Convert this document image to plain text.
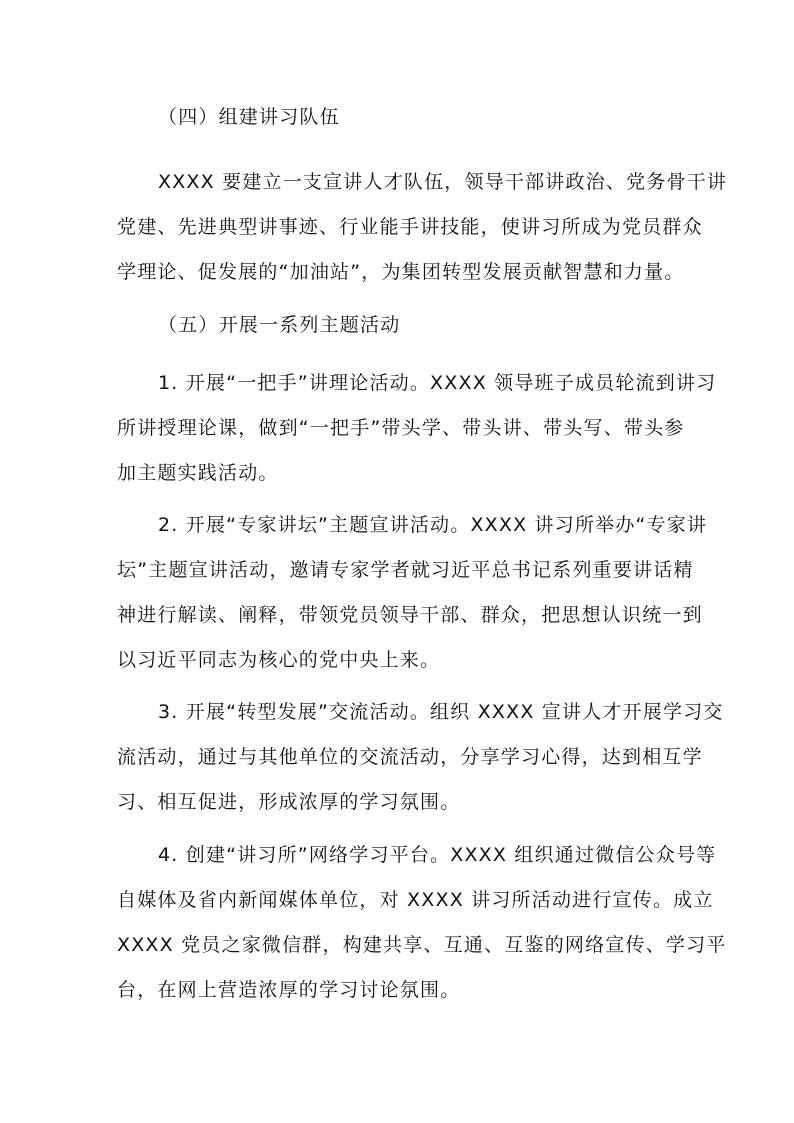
（四）组建讲习队伍
XXXX 要建立一支宣讲人才队伍，领导干部讲政治、党务骨干讲
党建、先进典型讲事迹、行业能手讲技能，使讲习所成为党员群众
学理论、促发展的“加油站”，为集团转型发展贡献智慧和力量。
（五）开展一系列主题活动
1. 开展“一把手”讲理论活动。XXXX 领导班子成员轮流到讲习
所讲授理论课，做到“一把手”带头学、带头讲、带头写、带头参
加主题实践活动。
2. 开展“专家讲坛”主题宣讲活动。XXXX 讲习所举办“专家讲
坛”主题宣讲活动，邀请专家学者就习近平总书记系列重要讲话精
神进行解读、阐释，带领党员领导干部、群众，把思想认识统一到
以习近平同志为核心的党中央上来。
3. 开展“转型发展”交流活动。组织 XXXX 宣讲人才开展学习交
流活动，通过与其他单位的交流活动，分享学习心得，达到相互学
习、相互促进，形成浓厚的学习氛围。
4. 创建“讲习所”网络学习平台。XXXX 组织通过微信公众号等
自媒体及省内新闻媒体单位，对 XXXX 讲习所活动进行宣传。成立
XXXX 党员之家微信群，构建共享、互通、互鉴的网络宣传、学习平
台，在网上营造浓厚的学习讨论氛围。
